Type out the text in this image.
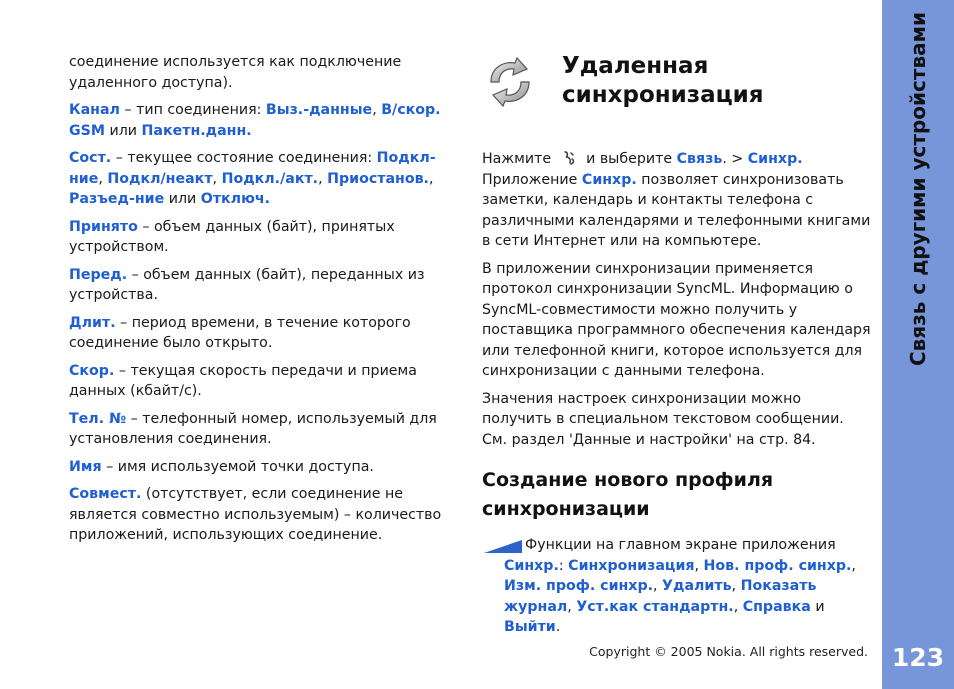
соединение используется как подключение удаленного доступа).

Канал – тип соединения: Выз.-данные, В/скор. GSM или Пакетн.данн.

Сост. – текущее состояние соединения: Подкл-ние, Подкл/неакт, Подкл./акт., Приостанов., Разъед-ние или Отключ.

Принято – объем данных (байт), принятых устройством.

Перед. – объем данных (байт), переданных из устройства.

Длит. – период времени, в течение которого соединение было открыто.

Скор. – текущая скорость передачи и приема данных (кбайт/с).

Тел. № – телефонный номер, используемый для установления соединения.

Имя – имя используемой точки доступа.

Совмест. (отсутствует, если соединение не является совместно используемым) – количество приложений, использующих соединение.

Удаленная синхронизация

Нажмите и выберите Связь. > Синхр. Приложение Синхр. позволяет синхронизовать заметки, календарь и контакты телефона с различными календарями и телефонными книгами в сети Интернет или на компьютере.

В приложении синхронизации применяется протокол синхронизации SyncML. Информацию о SyncML-совместимости можно получить у поставщика программного обеспечения календаря или телефонной книги, которое используется для синхронизации с данными телефона.

Значения настроек синхронизации можно получить в специальном текстовом сообщении. См. раздел 'Данные и настройки' на стр. 84.

Создание нового профиля синхронизации
Функции на главном экране приложения Синхр.: Синхронизация, Нов. проф. синхр., Изм. проф. синхр., Удалить, Показать журнал, Уст.как стандартн., Справка и Выйти.
Copyright © 2005 Nokia. All rights reserved.
Связь с другими устройствами
123
